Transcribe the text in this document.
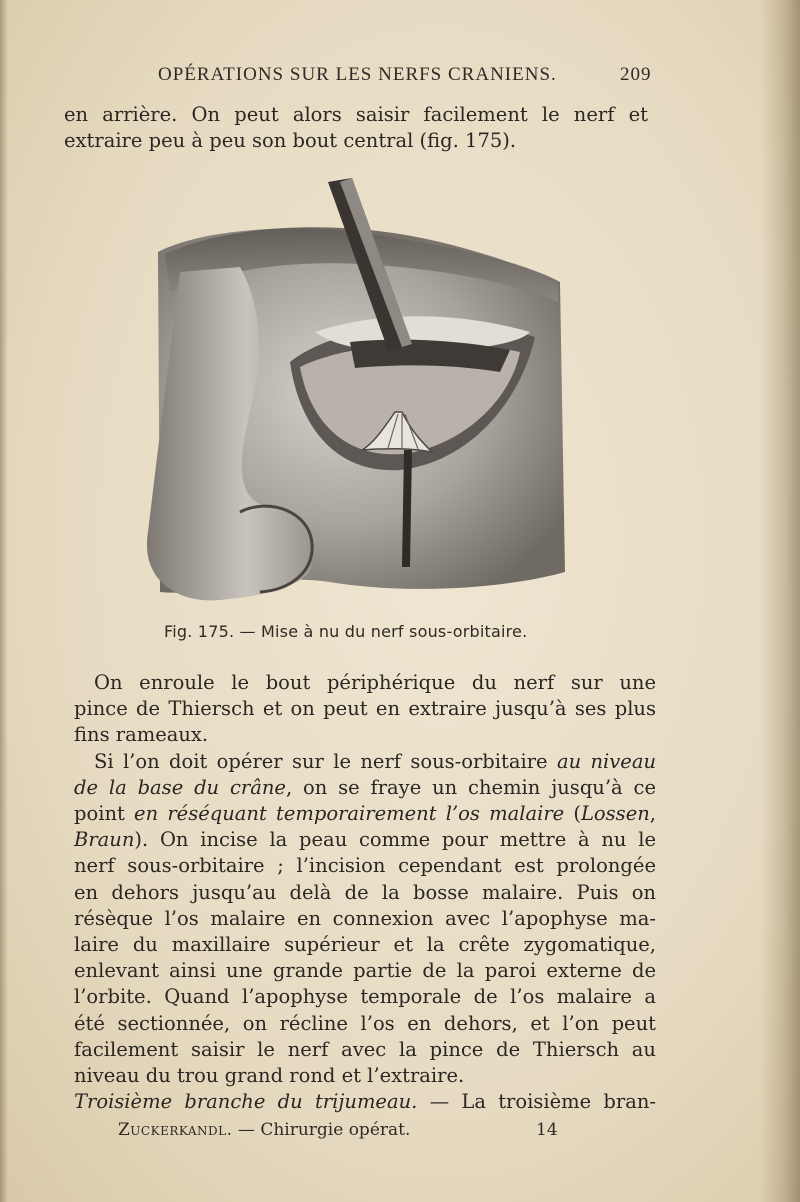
OPÉRATIONS SUR LES NERFS CRANIENS.	209
en arrière. On peut alors saisir facilement le nerf et
extraire peu à peu son bout central (fig. 175).
Fig. 175. — Mise à nu du nerf sous-orbitaire.
On enroule le bout périphérique du nerf sur une
pince de Thiersch et on peut en extraire jusqu’à ses plus
fins rameaux.
Si l’on doit opérer sur le nerf sous-orbitaire au niveau
de la base du crâne, on se fraye un chemin jusqu’à ce
point en réséquant temporairement l’os malaire (Lossen,
Braun). On incise la peau comme pour mettre à nu le
nerf sous-orbitaire ; l’incision cependant est prolongée
en dehors jusqu’au delà de la bosse malaire. Puis on
résèque l’os malaire en connexion avec l’apophyse ma-
laire du maxillaire supérieur et la crête zygomatique,
enlevant ainsi une grande partie de la paroi externe de
l’orbite. Quand l’apophyse temporale de l’os malaire a
été sectionnée, on récline l’os en dehors, et l’on peut
facilement saisir le nerf avec la pince de Thiersch au
niveau du trou grand rond et l’extraire.
Troisième branche du trijumeau. — La troisième bran-
Zuckerkandl. — Chirurgie opérat.	14
